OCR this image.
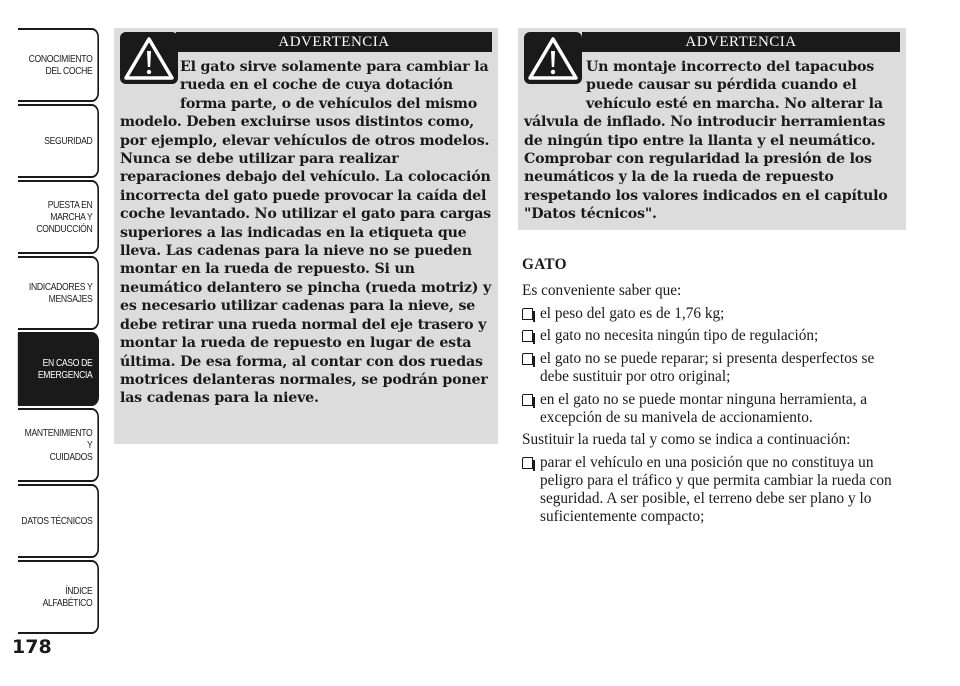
CONOCIMIENTO
DEL COCHE
SEGURIDAD
PUESTA EN
MARCHA Y
CONDUCCIÓN
INDICADORES Y
MENSAJES
EN CASO DE
EMERGENCIA
MANTENIMIENTO Y
CUIDADOS
DATOS TÉCNICOS
ÍNDICE
ALFABÉTICO
178
ADVERTENCIA
El gato sirve solamente para cambiar la rueda en el coche de cuya dotación forma parte, o de vehículos del mismo modelo. Deben excluirse usos distintos como, por ejemplo, elevar vehículos de otros modelos. Nunca se debe utilizar para realizar reparaciones debajo del vehículo. La colocación incorrecta del gato puede provocar la caída del coche levantado. No utilizar el gato para cargas superiores a las indicadas en la etiqueta que lleva. Las cadenas para la nieve no se pueden montar en la rueda de repuesto. Si un neumático delantero se pincha (rueda motriz) y es necesario utilizar cadenas para la nieve, se debe retirar una rueda normal del eje trasero y montar la rueda de repuesto en lugar de esta última. De esa forma, al contar con dos ruedas motrices delanteras normales, se podrán poner las cadenas para la nieve.
ADVERTENCIA
Un montaje incorrecto del tapacubos puede causar su pérdida cuando el vehículo esté en marcha. No alterar la válvula de inflado. No introducir herramientas de ningún tipo entre la llanta y el neumático. Comprobar con regularidad la presión de los neumáticos y la de la rueda de repuesto respetando los valores indicados en el capítulo "Datos técnicos".
GATO
Es conveniente saber que:
el peso del gato es de 1,76 kg;
el gato no necesita ningún tipo de regulación;
el gato no se puede reparar; si presenta desperfectos se debe sustituir por otro original;
en el gato no se puede montar ninguna herramienta, a excepción de su manivela de accionamiento.
Sustituir la rueda tal y como se indica a continuación:
parar el vehículo en una posición que no constituya un peligro para el tráfico y que permita cambiar la rueda con seguridad. A ser posible, el terreno debe ser plano y lo suficientemente compacto;
